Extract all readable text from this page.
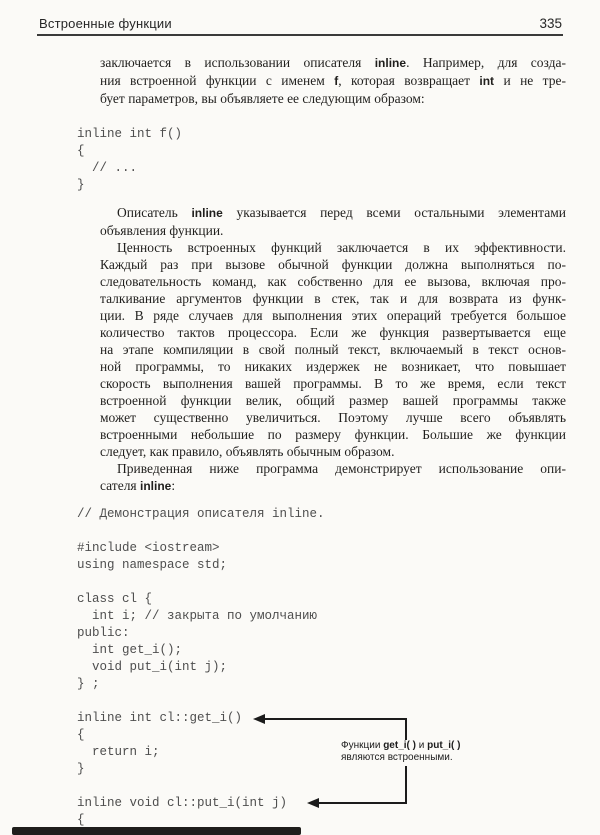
Встроенные функции	335
заключается в использовании описателя inline. Например, для созда-
ния встроенной функции с именем f, которая возвращает int и не тре-
бует параметров, вы объявляете ее следующим образом:
inline int f()
{
// ...
}
Описатель inline указывается перед всеми остальными элементами
объявления функции.
Ценность встроенных функций заключается в их эффективности.
Каждый раз при вызове обычной функции должна выполняться по-
следовательность команд, как собственно для ее вызова, включая про-
талкивание аргументов функции в стек, так и для возврата из функ-
ции. В ряде случаев для выполнения этих операций требуется большое
количество тактов процессора. Если же функция развертывается еще
на этапе компиляции в свой полный текст, включаемый в текст основ-
ной программы, то никаких издержек не возникает, что повышает
скорость выполнения вашей программы. В то же время, если текст
встроенной функции велик, общий размер вашей программы также
может существенно увеличиться. Поэтому лучше всего объявлять
встроенными небольшие по размеру функции. Большие же функции
следует, как правило, объявлять обычным образом.
Приведенная ниже программа демонстрирует использование опи-
сателя inline:
Функции get_i( ) и put_i( )
являются встроенными.
// Демонстрация описателя inline.

#include <iostream>
using namespace std;

class cl {
int i; // закрыта по умолчанию
public:
int get_i();
void put_i(int j);
} ;

inline int cl::get_i()
{
return i;
}

inline void cl::put_i(int j)
{
